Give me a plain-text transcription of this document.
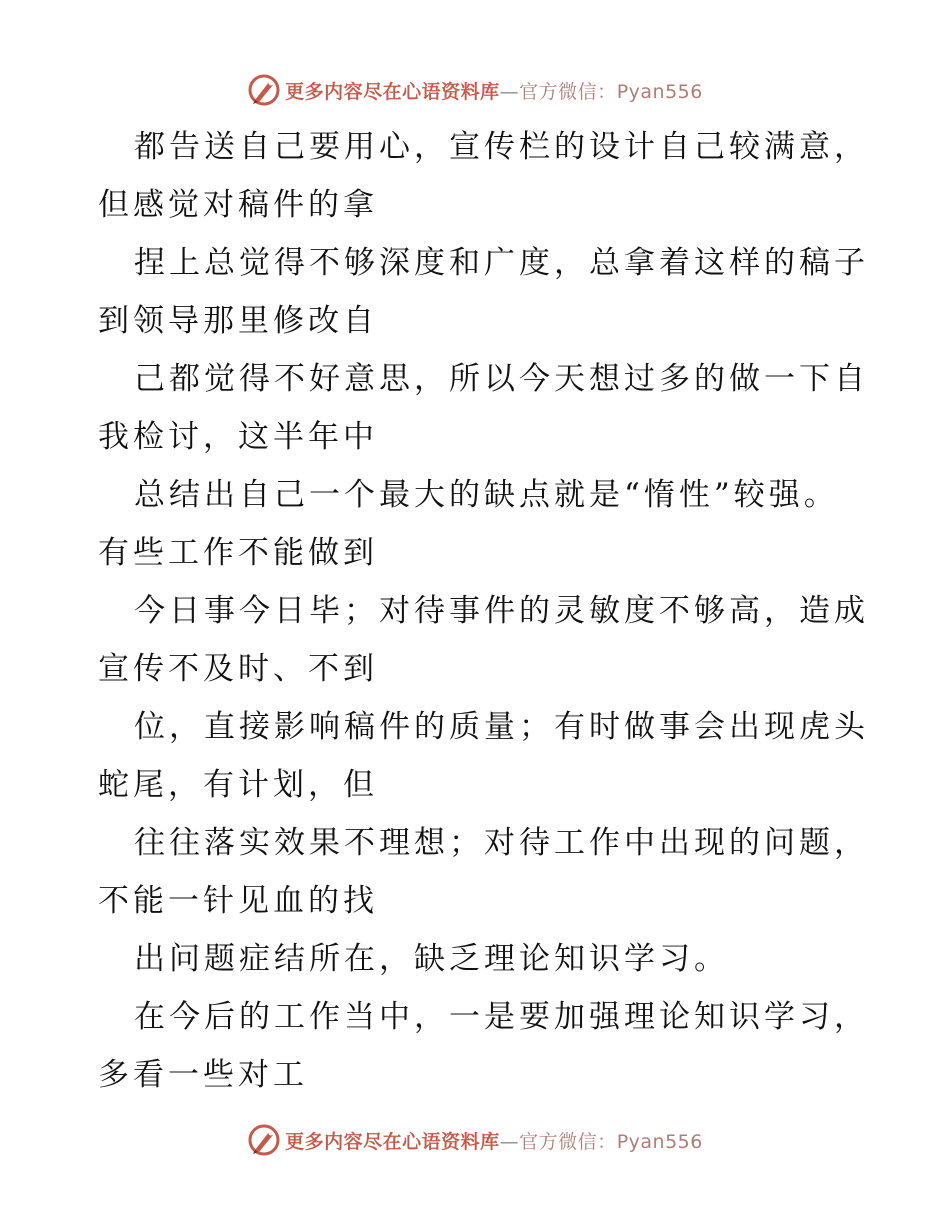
更多内容尽在心语资料库—官方微信：Pyan556

都告送自己要用心，宣传栏的设计自己较满意，
但感觉对稿件的拿

捏上总觉得不够深度和广度，总拿着这样的稿子
到领导那里修改自

己都觉得不好意思，所以今天想过多的做一下自
我检讨，这半年中

总结出自己一个最大的缺点就是“惰性”较强。
有些工作不能做到

今日事今日毕；对待事件的灵敏度不够高，造成
宣传不及时、不到

位，直接影响稿件的质量；有时做事会出现虎头
蛇尾，有计划，但

往往落实效果不理想；对待工作中出现的问题，
不能一针见血的找

出问题症结所在，缺乏理论知识学习。

在今后的工作当中，一是要加强理论知识学习，
多看一些对工

更多内容尽在心语资料库—官方微信：Pyan556
